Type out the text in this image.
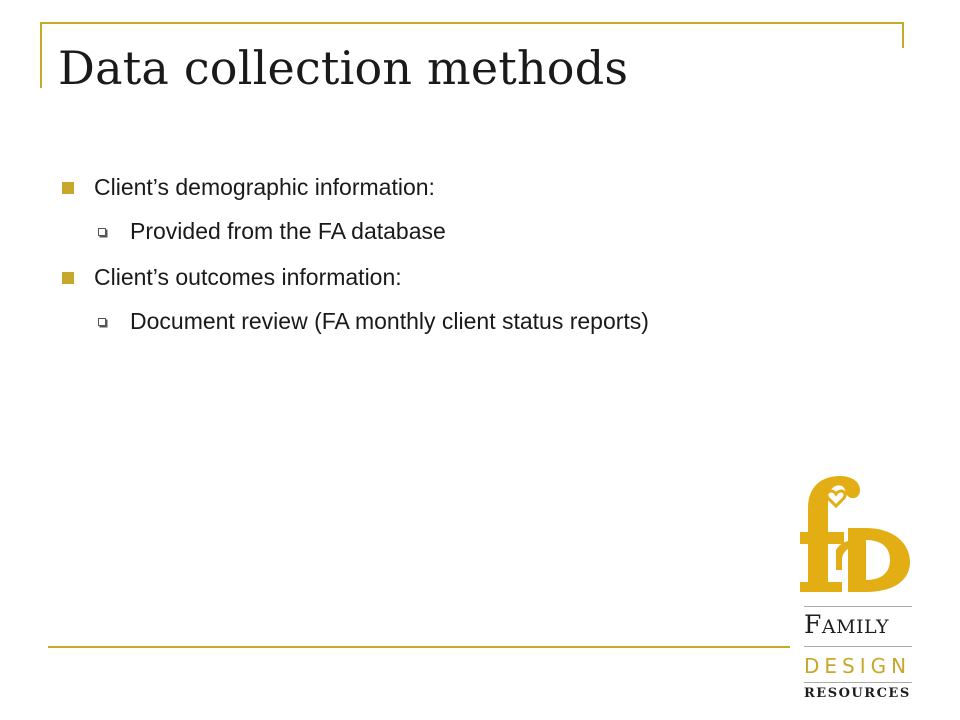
Data collection methods
Client’s demographic information:
Provided from the FA database
Client’s outcomes information:
Document review (FA monthly client status reports)
FAMILY
DESIGN
RESOURCES
